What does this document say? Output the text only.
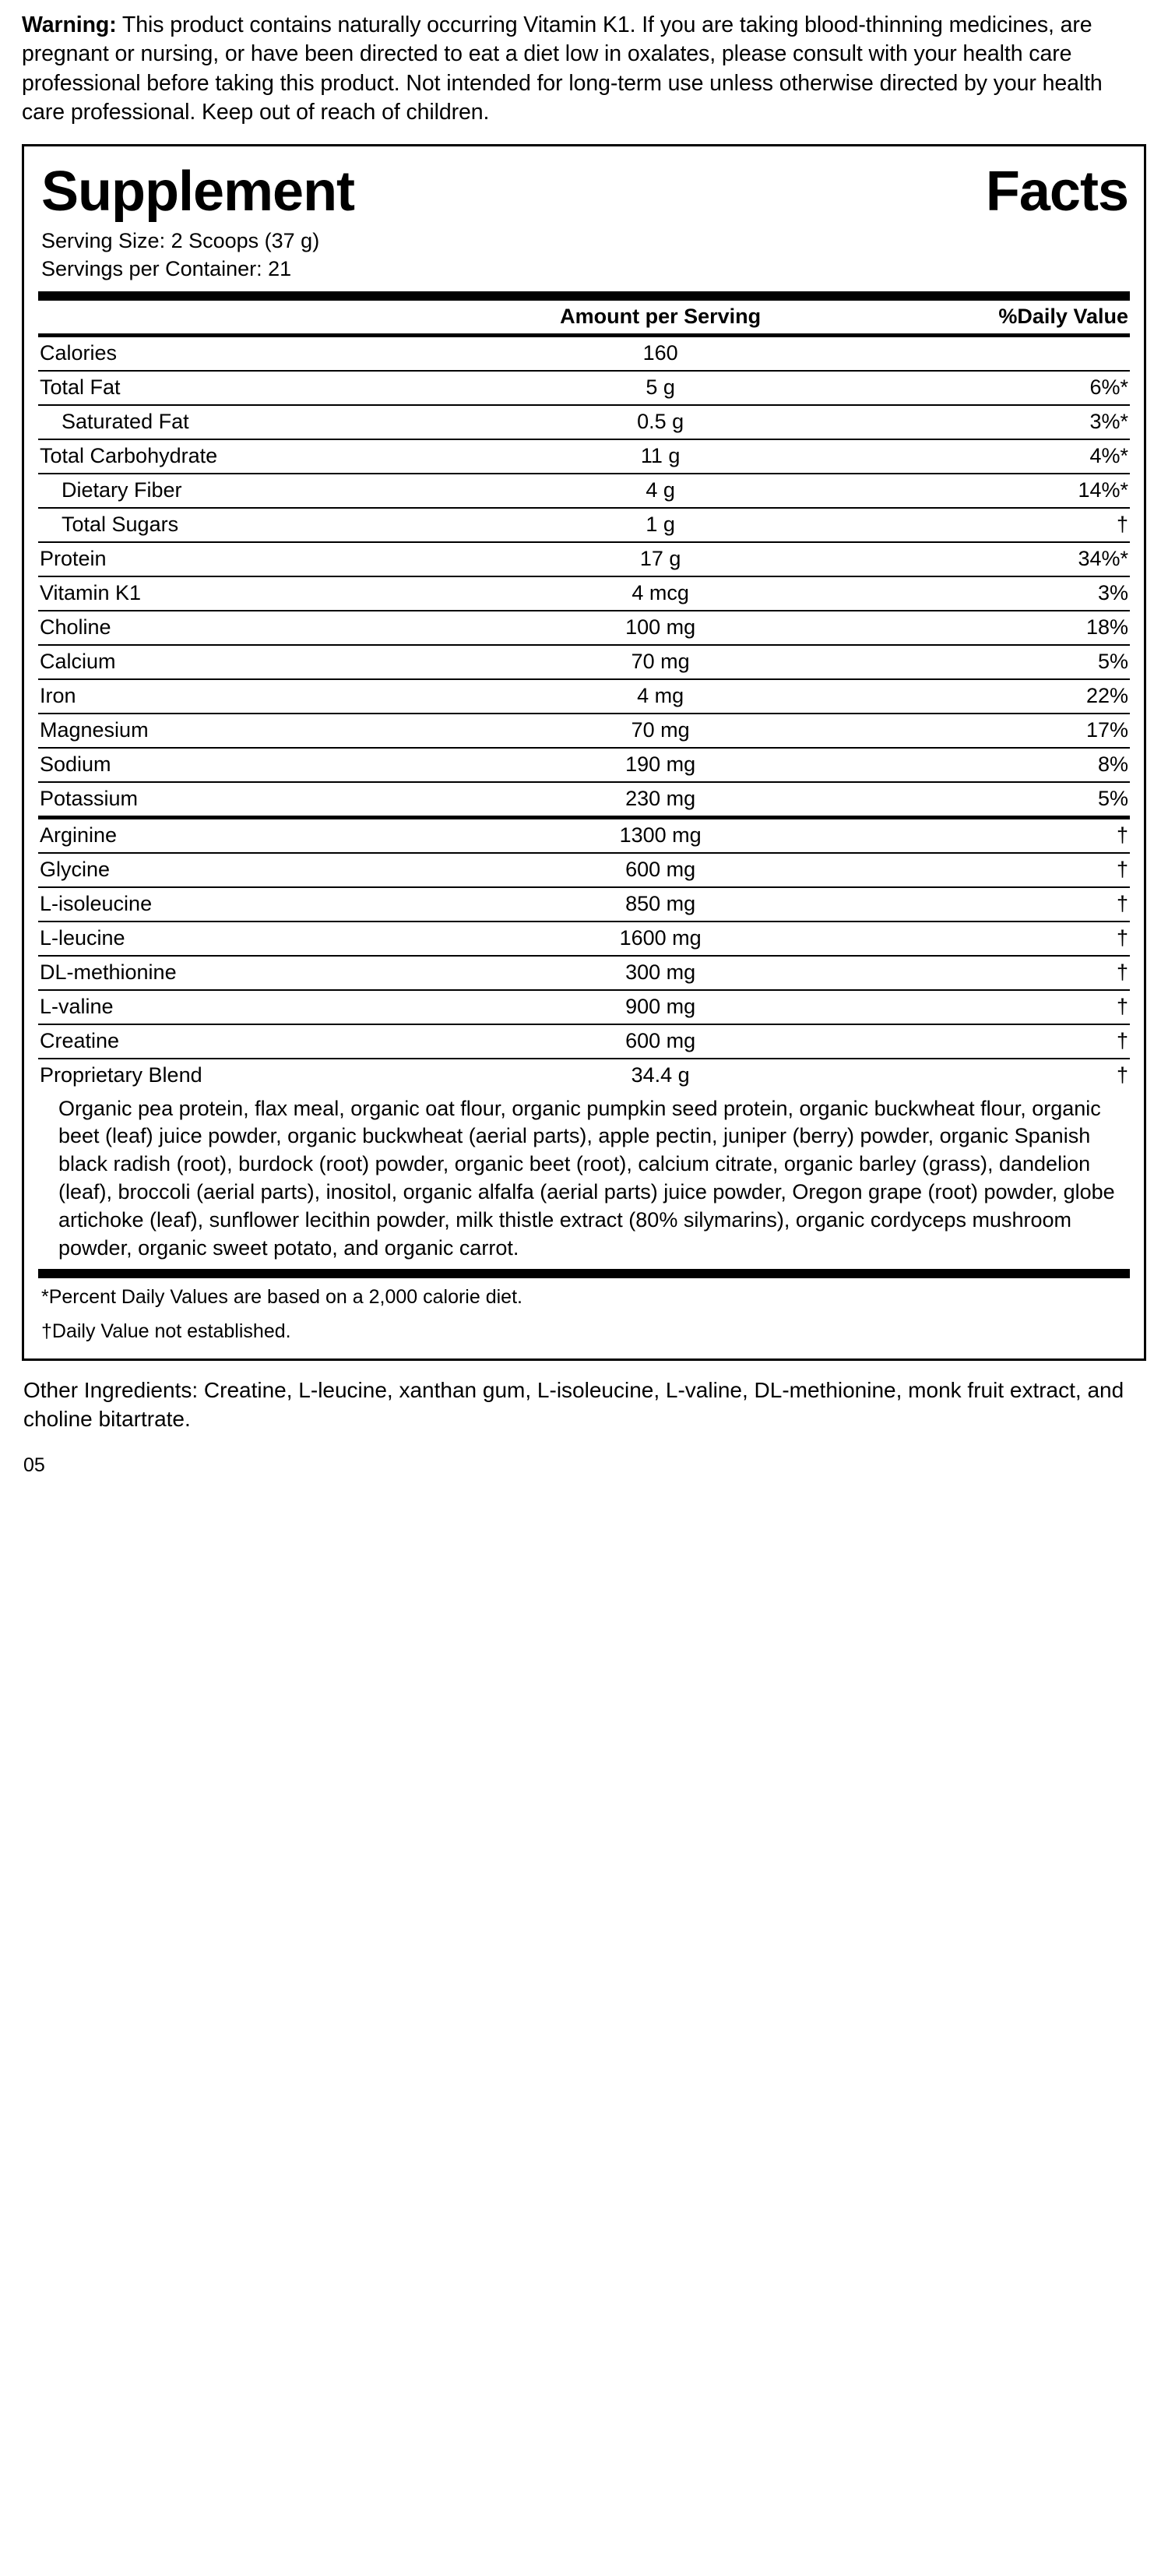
Warning: This product contains naturally occurring Vitamin K1. If you are taking blood-thinning medicines, are pregnant or nursing, or have been directed to eat a diet low in oxalates, please consult with your health care professional before taking this product. Not intended for long-term use unless otherwise directed by your health care professional. Keep out of reach of children.

Supplement	Facts
Serving Size: 2 Scoops (37 g)
Servings per Container: 21
	Amount per Serving	%Daily Value
Calories	160	
Total Fat	5 g	6%*
Saturated Fat	0.5 g	3%*
Total Carbohydrate	11 g	4%*
Dietary Fiber	4 g	14%*
Total Sugars	1 g	†
Protein	17 g	34%*
Vitamin K1	4 mcg	3%
Choline	100 mg	18%
Calcium	70 mg	5%
Iron	4 mg	22%
Magnesium	70 mg	17%
Sodium	190 mg	8%
Potassium	230 mg	5%
Arginine	1300 mg	†
Glycine	600 mg	†
L-isoleucine	850 mg	†
L-leucine	1600 mg	†
DL-methionine	300 mg	†
L-valine	900 mg	†
Creatine	600 mg	†
Proprietary Blend	34.4 g	†
Organic pea protein, flax meal, organic oat flour, organic pumpkin seed protein, organic buckwheat flour, organic beet (leaf) juice powder, organic buckwheat (aerial parts), apple pectin, juniper (berry) powder, organic Spanish black radish (root), burdock (root) powder, organic beet (root), calcium citrate, organic barley (grass), dandelion (leaf), broccoli (aerial parts), inositol, organic alfalfa (aerial parts) juice powder, Oregon grape (root) powder, globe artichoke (leaf), sunflower lecithin powder, milk thistle extract (80% silymarins), organic cordyceps mushroom powder, organic sweet potato, and organic carrot.
*Percent Daily Values are based on a 2,000 calorie diet.
†Daily Value not established.
Other Ingredients: Creatine, L-leucine, xanthan gum, L-isoleucine, L-valine, DL-methionine, monk fruit extract, and choline bitartrate.
05
